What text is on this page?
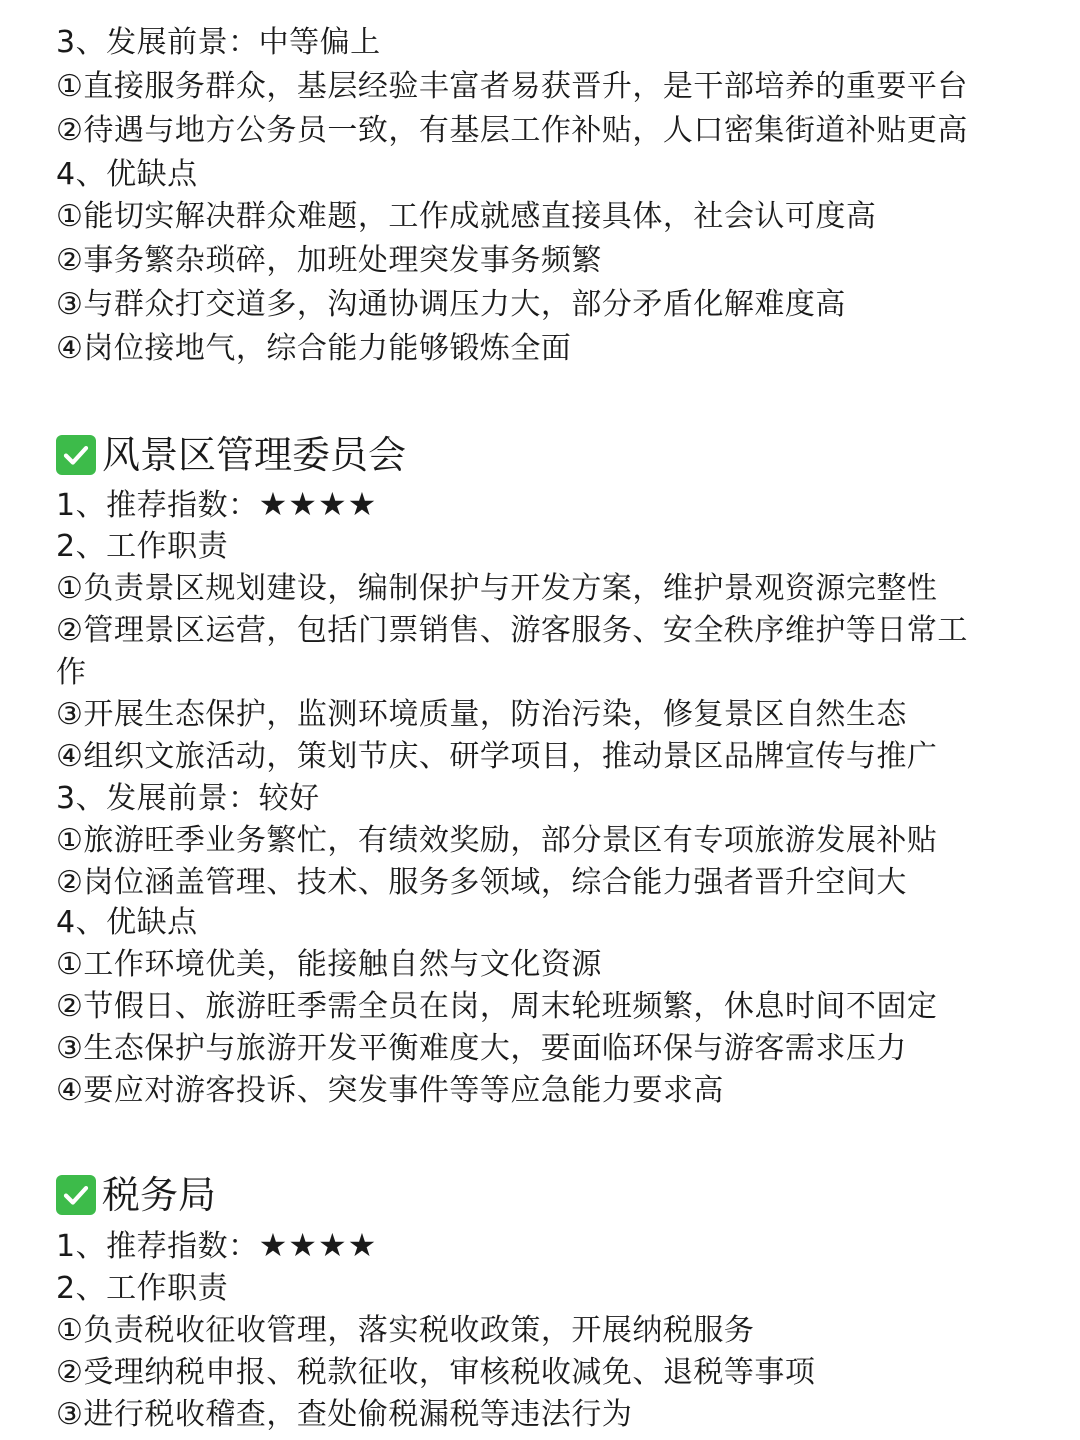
3、发展前景：中等偏上
①直接服务群众，基层经验丰富者易获晋升，是干部培养的重要平台
②待遇与地方公务员一致，有基层工作补贴，人口密集街道补贴更高
4、优缺点
①能切实解决群众难题，工作成就感直接具体，社会认可度高
②事务繁杂琐碎，加班处理突发事务频繁
③与群众打交道多，沟通协调压力大，部分矛盾化解难度高
④岗位接地气，综合能力能够锻炼全面
风景区管理委员会
1、推荐指数：★★★★
2、工作职责
①负责景区规划建设，编制保护与开发方案，维护景观资源完整性
②管理景区运营，包括门票销售、游客服务、安全秩序维护等日常工
作
③开展生态保护，监测环境质量，防治污染，修复景区自然生态
④组织文旅活动，策划节庆、研学项目，推动景区品牌宣传与推广
3、发展前景：较好
①旅游旺季业务繁忙，有绩效奖励，部分景区有专项旅游发展补贴
②岗位涵盖管理、技术、服务多领域，综合能力强者晋升空间大
4、优缺点
①工作环境优美，能接触自然与文化资源
②节假日、旅游旺季需全员在岗，周末轮班频繁，休息时间不固定
③生态保护与旅游开发平衡难度大，要面临环保与游客需求压力
④要应对游客投诉、突发事件等等应急能力要求高
税务局
1、推荐指数：★★★★
2、工作职责
①负责税收征收管理，落实税收政策，开展纳税服务
②受理纳税申报、税款征收，审核税收减免、退税等事项
③进行税收稽查，查处偷税漏税等违法行为
